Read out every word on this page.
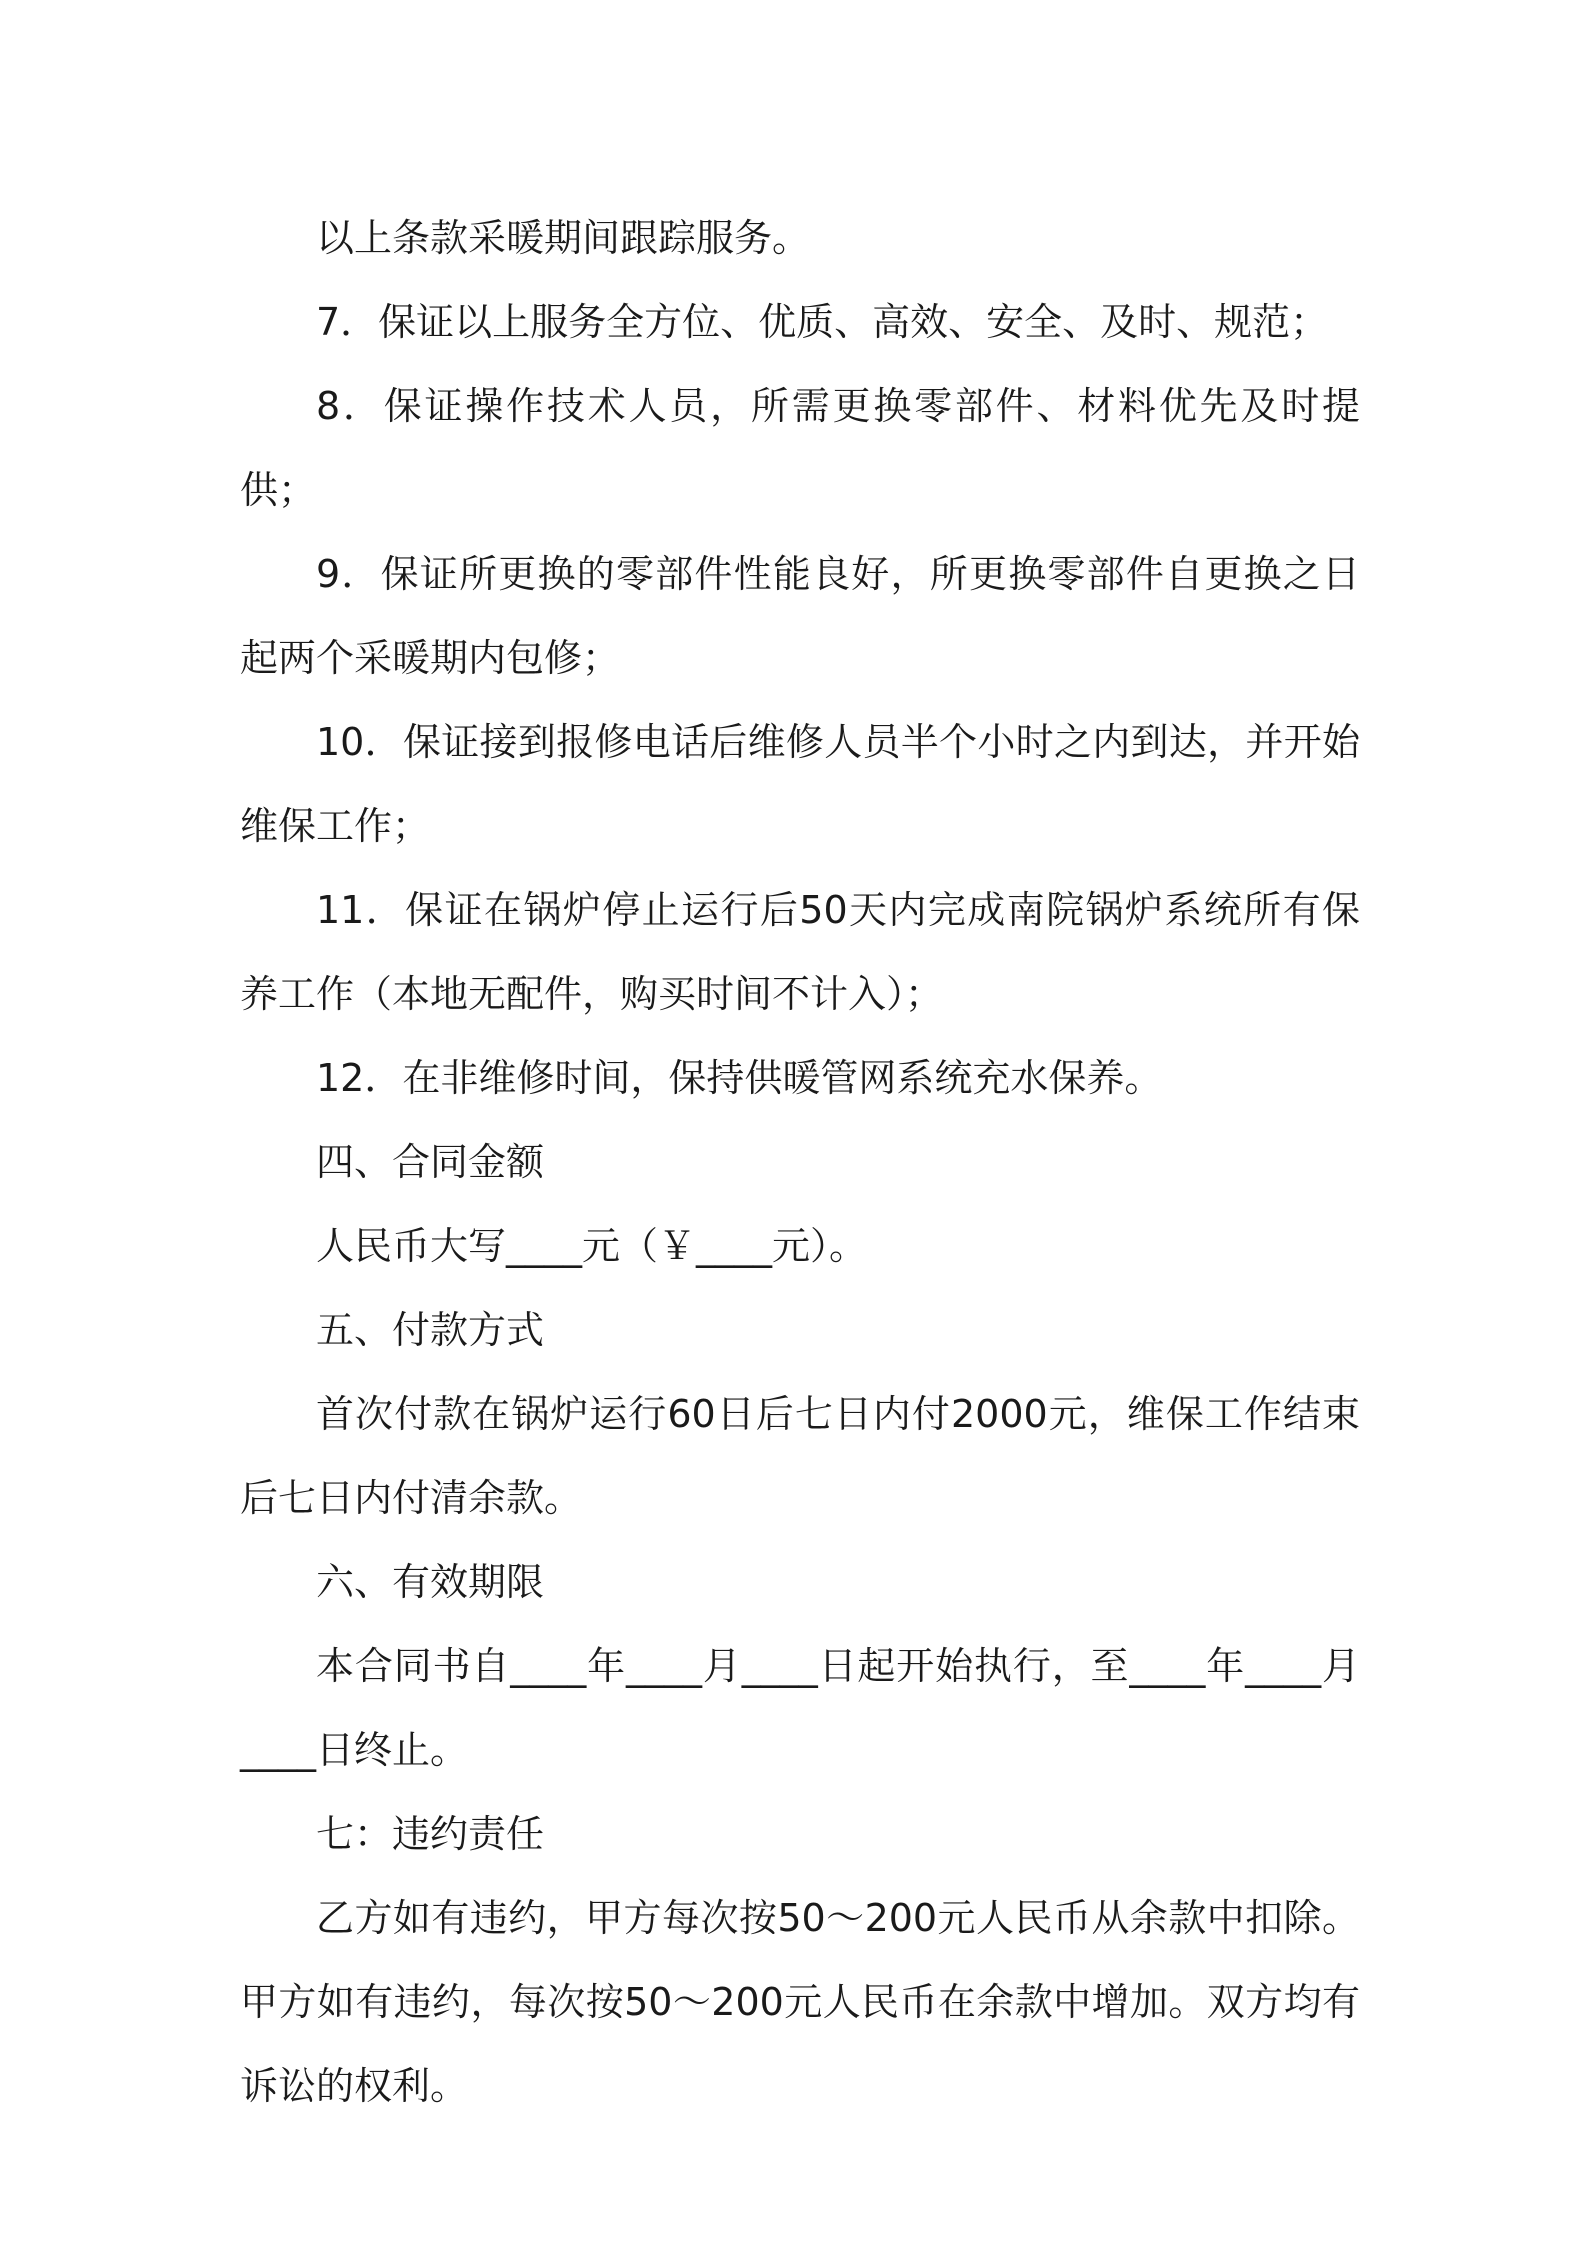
以上条款采暖期间跟踪服务。

7．保证以上服务全方位、优质、高效、安全、及时、规范；

8．保证操作技术人员，所需更换零部件、材料优先及时提供；

9．保证所更换的零部件性能良好，所更换零部件自更换之日起两个采暖期内包修；

10．保证接到报修电话后维修人员半个小时之内到达，并开始维保工作；

11．保证在锅炉停止运行后50天内完成南院锅炉系统所有保养工作（本地无配件，购买时间不计入）；

12．在非维修时间，保持供暖管网系统充水保养。

四、合同金额

人民币大写____元（￥____元）。

五、付款方式

首次付款在锅炉运行60日后七日内付2000元，维保工作结束后七日内付清余款。

六、有效期限

本合同书自____年____月____日起开始执行，至____年____月____日终止。

七：违约责任

乙方如有违约，甲方每次按50～200元人民币从余款中扣除。甲方如有违约，每次按50～200元人民币在余款中增加。双方均有诉讼的权利。
